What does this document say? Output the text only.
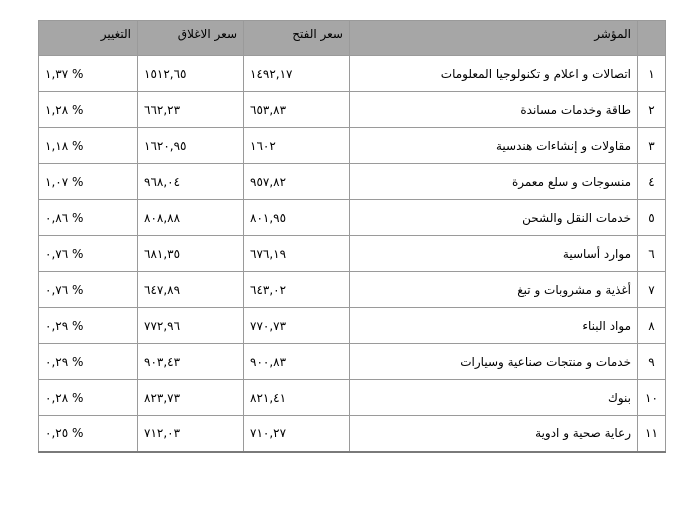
	المؤشر	سعر الفتح	سعر الاغلاق	التغيير
١	اتصالات و اعلام و تكنولوجيا المعلومات	١٤٩٢,١٧	١٥١٢,٦٥	% ١,٣٧
٢	طاقة وخدمات مساندة	٦٥٣,٨٣	٦٦٢,٢٣	% ١,٢٨
٣	مقاولات و إنشاءات هندسية	١٦٠٢	١٦٢٠,٩٥	% ١,١٨
٤	منسوجات و سلع معمرة	٩٥٧,٨٢	٩٦٨,٠٤	% ١,٠٧
٥	خدمات النقل والشحن	٨٠١,٩٥	٨٠٨,٨٨	% ٠,٨٦
٦	موارد أساسية	٦٧٦,١٩	٦٨١,٣٥	% ٠,٧٦
٧	أغذية و مشروبات و تبغ	٦٤٣,٠٢	٦٤٧,٨٩	% ٠,٧٦
٨	مواد البناء	٧٧٠,٧٣	٧٧٢,٩٦	% ٠,٢٩
٩	خدمات و منتجات صناعية وسيارات	٩٠٠,٨٣	٩٠٣,٤٣	% ٠,٢٩
١٠	بنوك	٨٢١,٤١	٨٢٣,٧٣	% ٠,٢٨
١١	رعاية صحية و ادوية	٧١٠,٢٧	٧١٢,٠٣	% ٠,٢٥
